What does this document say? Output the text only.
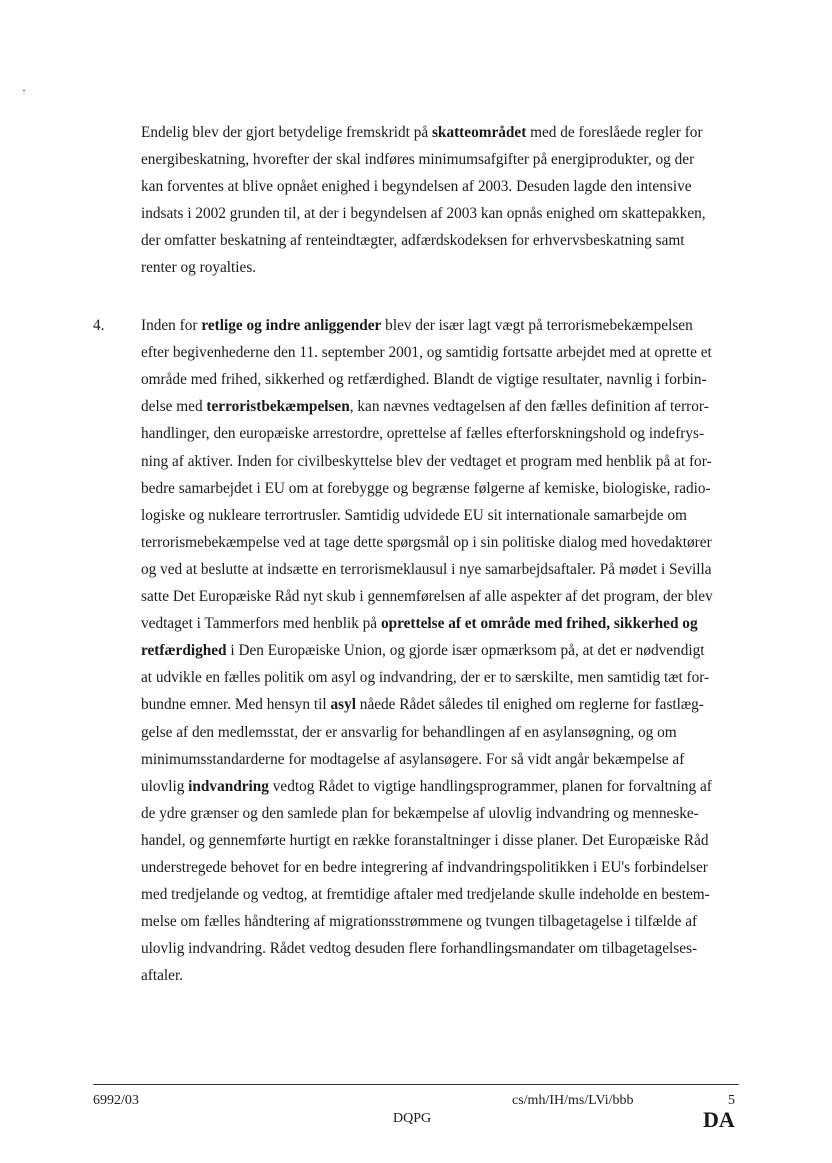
Endelig blev der gjort betydelige fremskridt på skatteområdet med de foreslåede regler for
energibeskatning, hvorefter der skal indføres minimumsafgifter på energiprodukter, og der
kan forventes at blive opnået enighed i begyndelsen af 2003. Desuden lagde den intensive
indsats i 2002 grunden til, at der i begyndelsen af 2003 kan opnås enighed om skattepakken,
der omfatter beskatning af renteindtægter, adfærdskodeksen for erhvervsbeskatning samt
renter og royalties.
4. Inden for retlige og indre anliggender blev der især lagt vægt på terrorismebekæmpelsen
efter begivenhederne den 11. september 2001, og samtidig fortsatte arbejdet med at oprette et
område med frihed, sikkerhed og retfærdighed. Blandt de vigtige resultater, navnlig i forbin-
delse med terroristbekæmpelsen, kan nævnes vedtagelsen af den fælles definition af terror-
handlinger, den europæiske arrestordre, oprettelse af fælles efterforskningshold og indefrys-
ning af aktiver. Inden for civilbeskyttelse blev der vedtaget et program med henblik på at for-
bedre samarbejdet i EU om at forebygge og begrænse følgerne af kemiske, biologiske, radio-
logiske og nukleare terrortrusler. Samtidig udvidede EU sit internationale samarbejde om
terrorismebekæmpelse ved at tage dette spørgsmål op i sin politiske dialog med hovedaktører
og ved at beslutte at indsætte en terrorismeklausul i nye samarbejdsaftaler. På mødet i Sevilla
satte Det Europæiske Råd nyt skub i gennemførelsen af alle aspekter af det program, der blev
vedtaget i Tammerfors med henblik på oprettelse af et område med frihed, sikkerhed og
retfærdighed i Den Europæiske Union, og gjorde især opmærksom på, at det er nødvendigt
at udvikle en fælles politik om asyl og indvandring, der er to særskilte, men samtidig tæt for-
bundne emner. Med hensyn til asyl nåede Rådet således til enighed om reglerne for fastlæg-
gelse af den medlemsstat, der er ansvarlig for behandlingen af en asylansøgning, og om
minimumsstandarderne for modtagelse af asylansøgere. For så vidt angår bekæmpelse af
ulovlig indvandring vedtog Rådet to vigtige handlingsprogrammer, planen for forvaltning af
de ydre grænser og den samlede plan for bekæmpelse af ulovlig indvandring og menneske-
handel, og gennemførte hurtigt en række foranstaltninger i disse planer. Det Europæiske Råd
understregede behovet for en bedre integrering af indvandringspolitikken i EU's forbindelser
med tredjelande og vedtog, at fremtidige aftaler med tredjelande skulle indeholde en bestem-
melse om fælles håndtering af migrationsstrømmene og tvungen tilbagetagelse i tilfælde af
ulovlig indvandring. Rådet vedtog desuden flere forhandlingsmandater om tilbagetagelses-
aftaler.
6992/03	cs/mh/IH/ms/LVi/bbb	5
DQPG	DA
